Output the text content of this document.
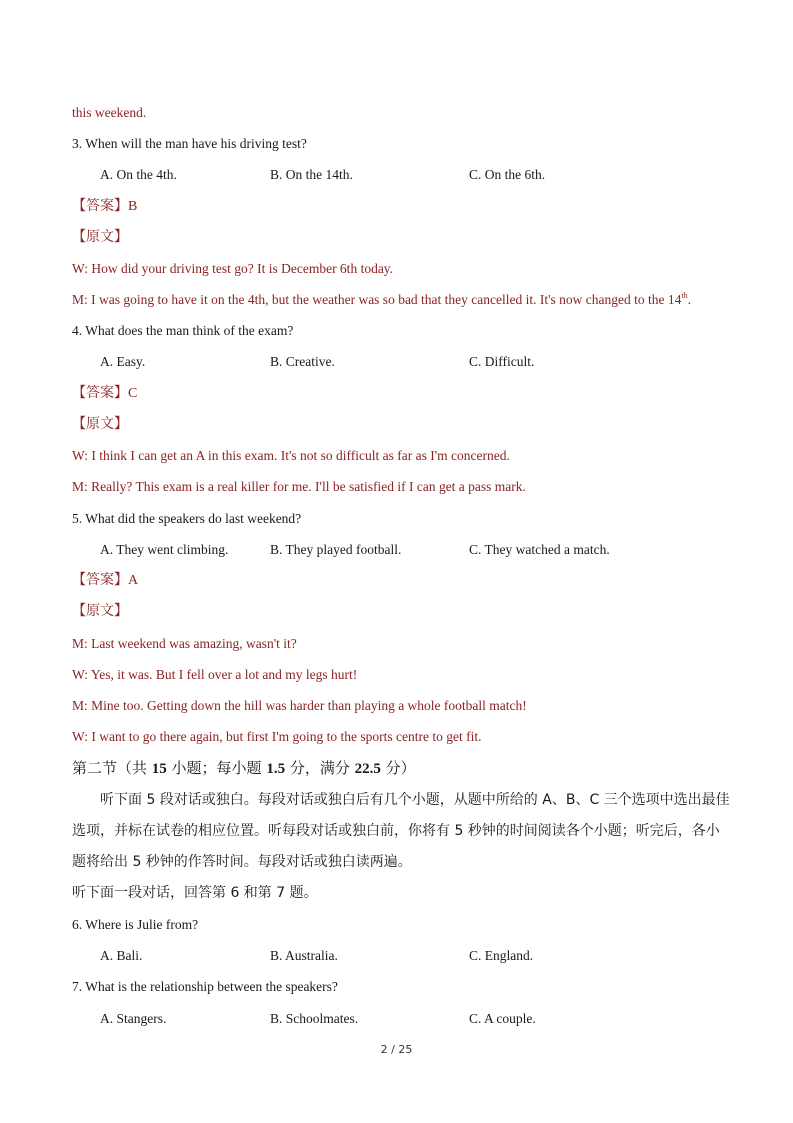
this weekend.
3. When will the man have his driving test?
A. On the 4th.	B. On the 14th.	C. On the 6th.
【答案】B
【原文】
W: How did your driving test go? It is December 6th today.
M: I was going to have it on the 4th, but the weather was so bad that they cancelled it. It's now changed to the 14th.
4. What does the man think of the exam?
A. Easy.	B. Creative.	C. Difficult.
【答案】C
【原文】
W: I think I can get an A in this exam. It's not so difficult as far as I'm concerned.
M: Really? This exam is a real killer for me. I'll be satisfied if I can get a pass mark.
5. What did the speakers do last weekend?
A. They went climbing.	B. They played football.	C. They watched a match.
【答案】A
【原文】
M: Last weekend was amazing, wasn't it?
W: Yes, it was. But I fell over a lot and my legs hurt!
M: Mine too. Getting down the hill was harder than playing a whole football match!
W: I want to go there again, but first I'm going to the sports centre to get fit.
第二节（共 15 小题；每小题 1.5 分，满分 22.5 分）
听下面 5 段对话或独白。每段对话或独白后有几个小题，从题中所给的 A、B、C 三个选项中选出最佳
选项，并标在试卷的相应位置。听每段对话或独白前，你将有 5 秒钟的时间阅读各个小题；听完后，各小
题将给出 5 秒钟的作答时间。每段对话或独白读两遍。
听下面一段对话，回答第 6 和第 7 题。
6. Where is Julie from?
A. Bali.	B. Australia.	C. England.
7. What is the relationship between the speakers?
A. Stangers.	B. Schoolmates.	C. A couple.
2 / 25
